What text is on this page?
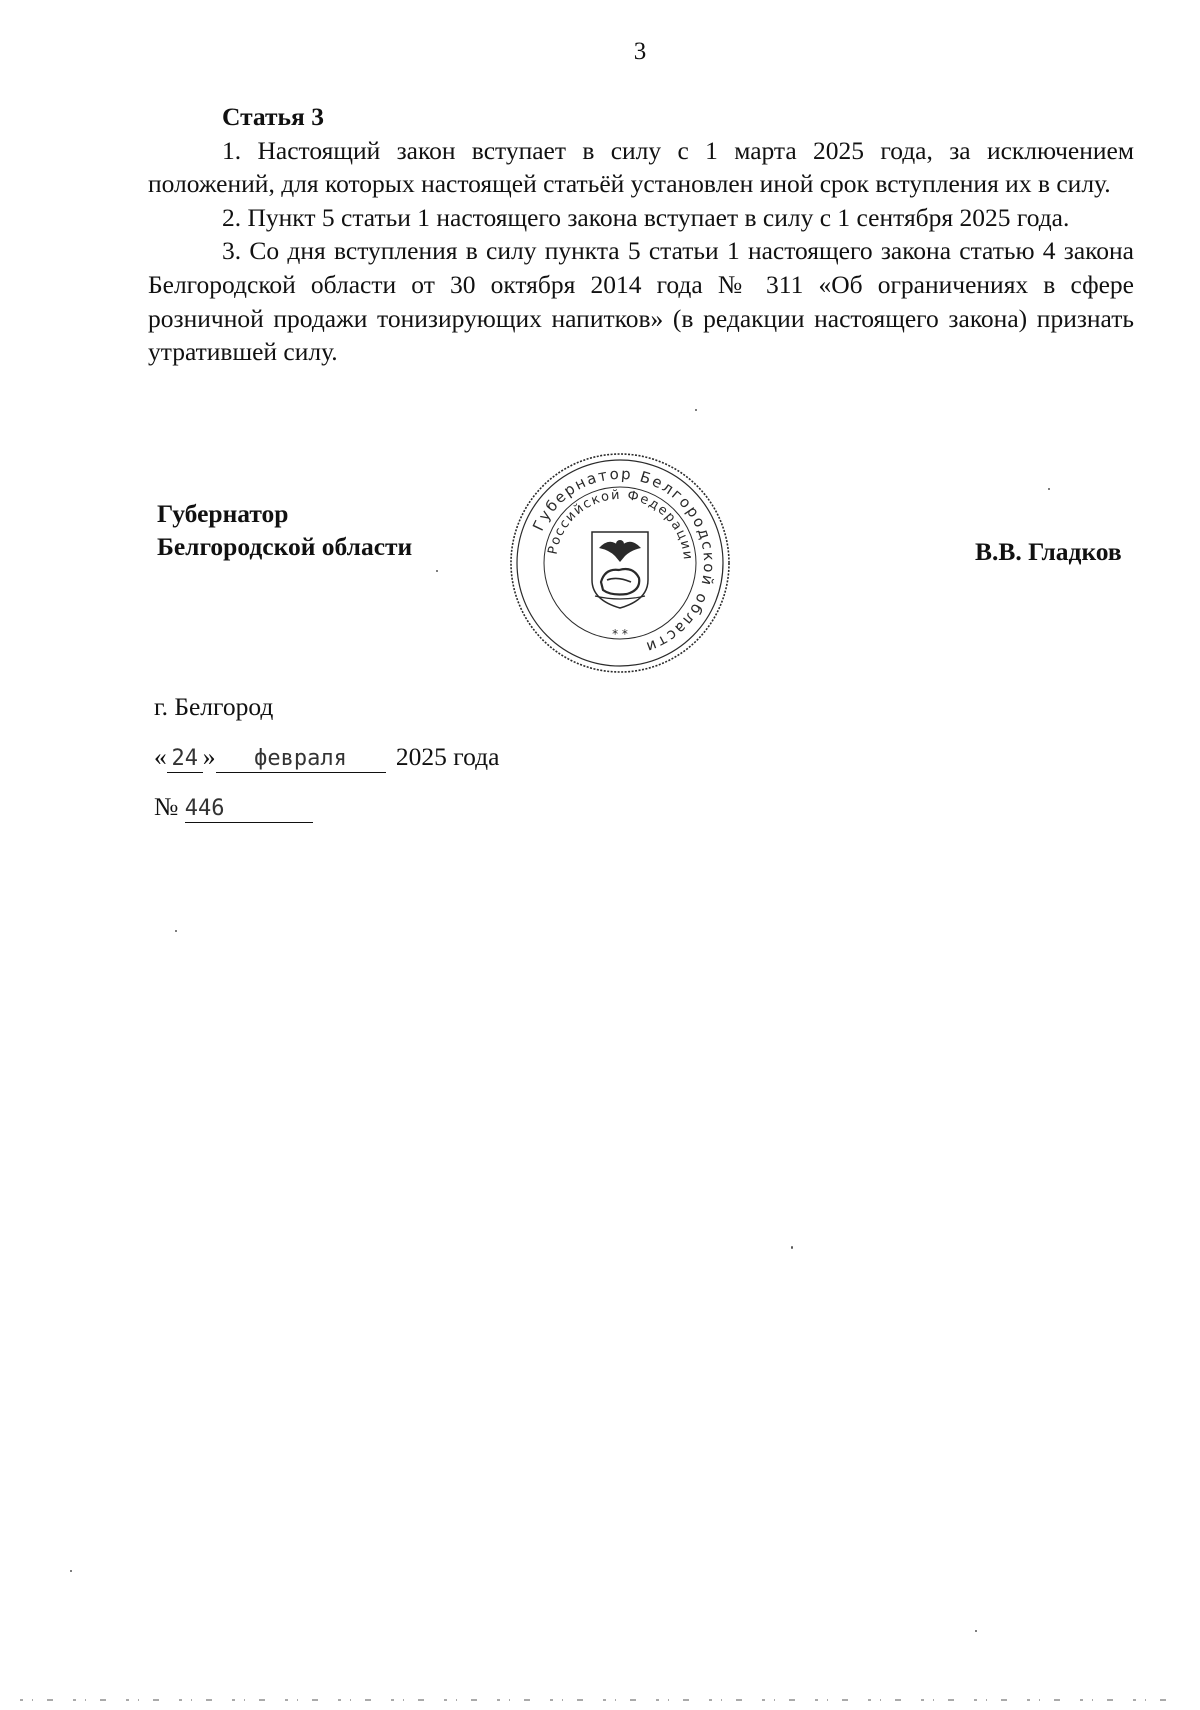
3
Статья 3

1. Настоящий закон вступает в силу с 1 марта 2025 года, за исключением положений, для которых настоящей статьёй установлен иной срок вступления их в силу.

2. Пункт 5 статьи 1 настоящего закона вступает в силу с 1 сентября 2025 года.

3. Со дня вступления в силу пункта 5 статьи 1 настоящего закона статью 4 закона Белгородской области от 30 октября 2014 года № 311 «Об ограничениях в сфере розничной продажи тонизирующих напитков» (в редакции настоящего закона) признать утратившей силу.

Губернатор
Белгородской области
Губернатор Белгородской области
Российской Федерации
* *
В.В. Гладков
г. Белгород
« 24 » февраля 2025 года
№ 446
